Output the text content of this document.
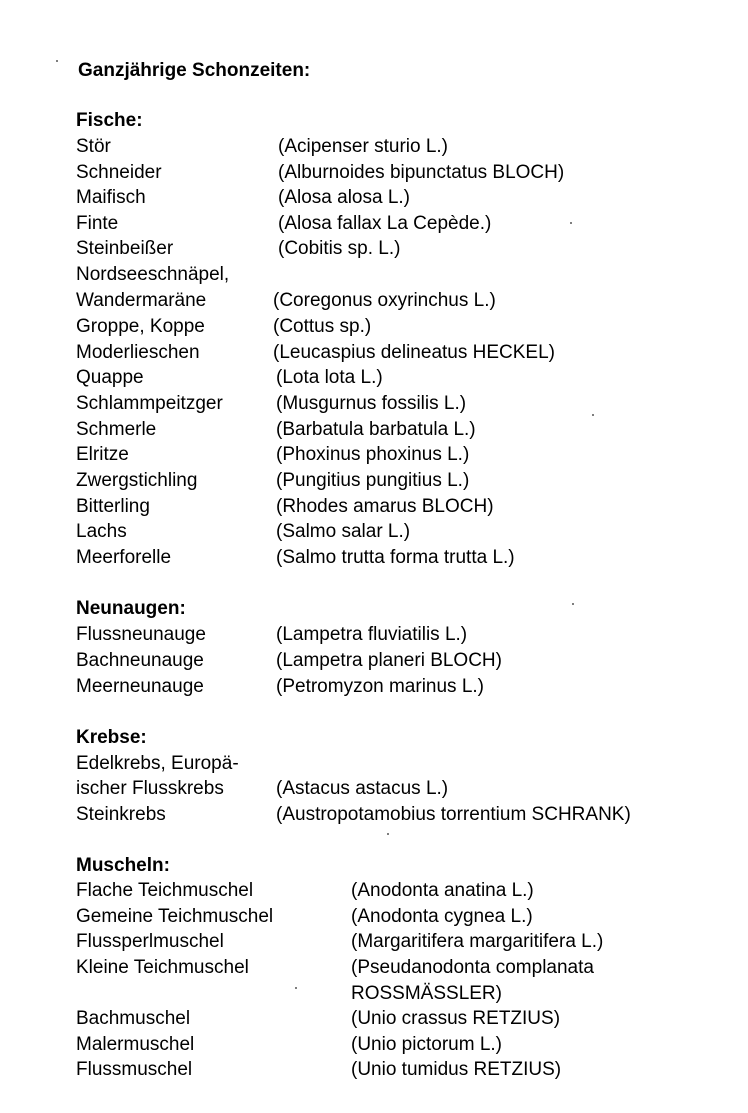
Ganzjährige Schonzeiten:
Fische:
Stör	(Acipenser sturio L.)
Schneider	(Alburnoides bipunctatus BLOCH)
Maifisch	(Alosa alosa L.)
Finte	(Alosa fallax La Cepède.)
Steinbeißer	(Cobitis sp. L.)
Nordseeschnäpel,
Wandermaräne	(Coregonus oxyrinchus L.)
Groppe, Koppe	(Cottus sp.)
Moderlieschen	(Leucaspius delineatus HECKEL)
Quappe	(Lota lota L.)
Schlammpeitzger	(Musgurnus fossilis L.)
Schmerle	(Barbatula barbatula L.)
Elritze	(Phoxinus phoxinus L.)
Zwergstichling	(Pungitius pungitius L.)
Bitterling	(Rhodes amarus BLOCH)
Lachs	(Salmo salar L.)
Meerforelle	(Salmo trutta forma trutta L.)
Neunaugen:
Flussneunauge	(Lampetra fluviatilis L.)
Bachneunauge	(Lampetra planeri BLOCH)
Meerneunauge	(Petromyzon marinus L.)
Krebse:
Edelkrebs, Europä-
ischer Flusskrebs	(Astacus astacus L.)
Steinkrebs	(Austropotamobius torrentium SCHRANK)
Muscheln:
Flache Teichmuschel	(Anodonta anatina L.)
Gemeine Teichmuschel	(Anodonta cygnea L.)
Flussperlmuschel	(Margaritifera margaritifera L.)
Kleine Teichmuschel	(Pseudanodonta complanata
ROSSMÄSSLER)
Bachmuschel	(Unio crassus RETZIUS)
Malermuschel	(Unio pictorum L.)
Flussmuschel	(Unio tumidus RETZIUS)
